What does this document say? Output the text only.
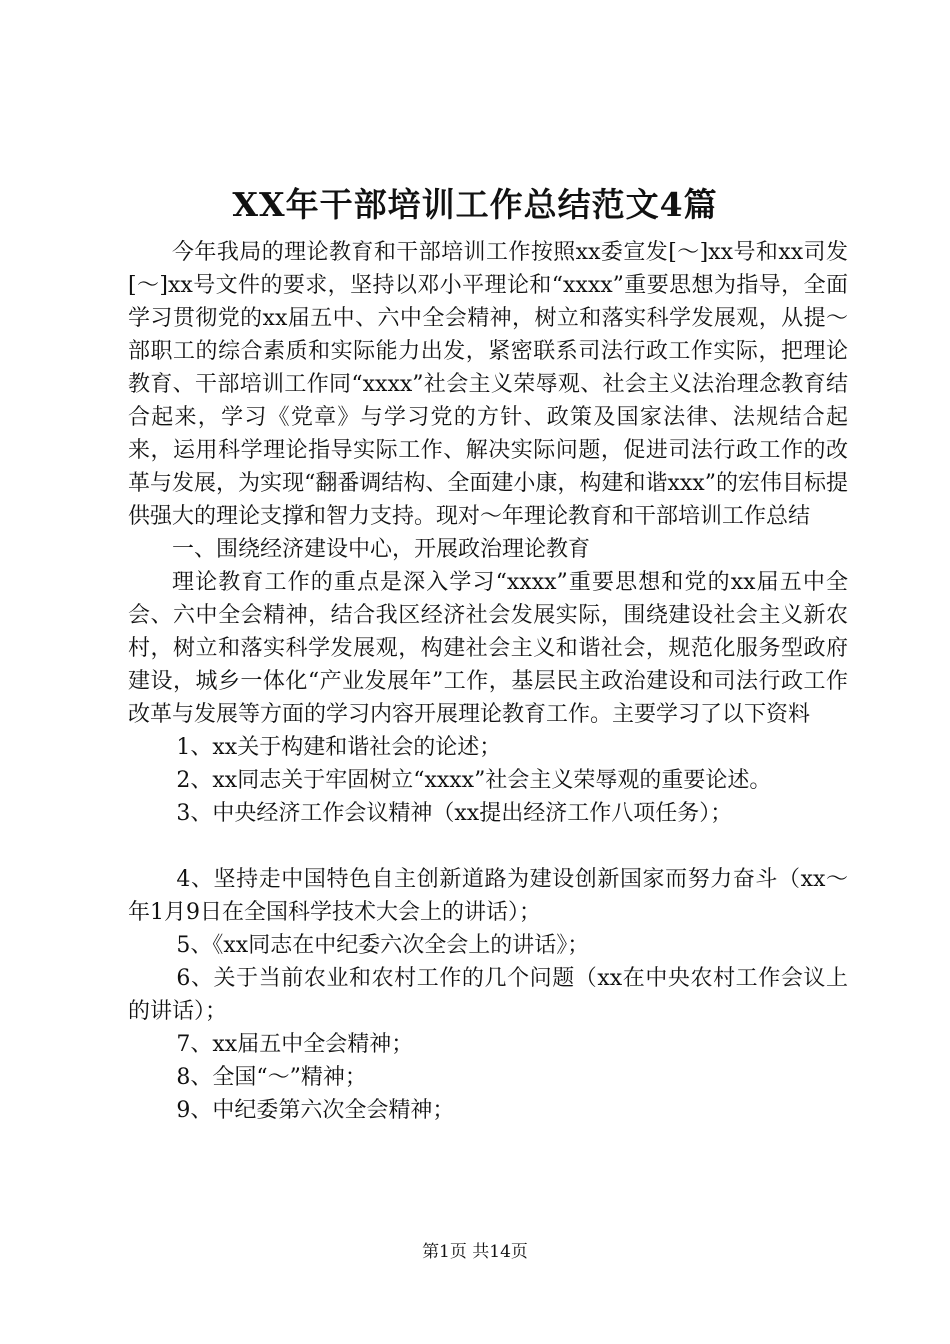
XX年干部培训工作总结范文4篇

今年我局的理论教育和干部培训工作按照xx委宣发[～]xx号和xx司发[～]xx号文件的要求，坚持以邓小平理论和“xxxx”重要思想为指导，全面学习贯彻党的xx届五中、六中全会精神，树立和落实科学发展观，从提～部职工的综合素质和实际能力出发，紧密联系司法行政工作实际，把理论教育、干部培训工作同“xxxx”社会主义荣辱观、社会主义法治理念教育结合起来，学习《党章》与学习党的方针、政策及国家法律、法规结合起来，运用科学理论指导实际工作、解决实际问题，促进司法行政工作的改革与发展，为实现“翻番调结构、全面建小康，构建和谐xxx”的宏伟目标提供强大的理论支撑和智力支持。现对～年理论教育和干部培训工作总结

一、围绕经济建设中心，开展政治理论教育

理论教育工作的重点是深入学习“xxxx”重要思想和党的xx届五中全会、六中全会精神，结合我区经济社会发展实际，围绕建设社会主义新农村，树立和落实科学发展观，构建社会主义和谐社会，规范化服务型政府建设，城乡一体化“产业发展年”工作，基层民主政治建设和司法行政工作改革与发展等方面的学习内容开展理论教育工作。主要学习了以下资料

1、xx关于构建和谐社会的论述；

2、xx同志关于牢固树立“xxxx”社会主义荣辱观的重要论述。

3、中央经济工作会议精神（xx提出经济工作八项任务）；

4、坚持走中国特色自主创新道路为建设创新国家而努力奋斗（xx～年1月9日在全国科学技术大会上的讲话）；

5、《xx同志在中纪委六次全会上的讲话》；

6、关于当前农业和农村工作的几个问题（xx在中央农村工作会议上的讲话）；

7、xx届五中全会精神；

8、全国“～”精神；

9、中纪委第六次全会精神；

第1页 共14页
